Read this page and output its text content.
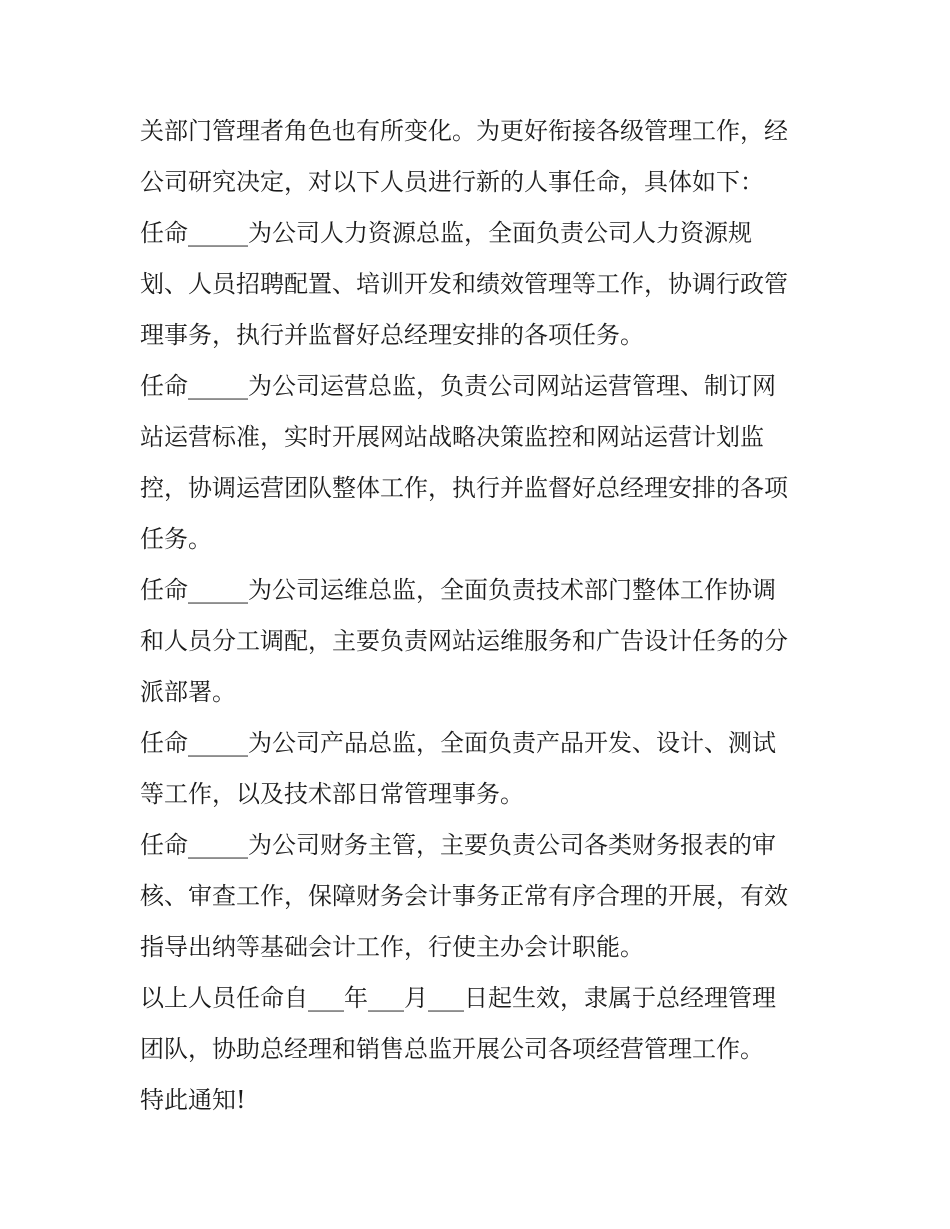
关部门管理者角色也有所变化。为更好衔接各级管理工作，经

公司研究决定，对以下人员进行新的人事任命，具体如下：

任命_____为公司人力资源总监，全面负责公司人力资源规

划、人员招聘配置、培训开发和绩效管理等工作，协调行政管

理事务，执行并监督好总经理安排的各项任务。

任命_____为公司运营总监，负责公司网站运营管理、制订网

站运营标准，实时开展网站战略决策监控和网站运营计划监

控，协调运营团队整体工作，执行并监督好总经理安排的各项

任务。

任命_____为公司运维总监，全面负责技术部门整体工作协调

和人员分工调配，主要负责网站运维服务和广告设计任务的分

派部署。

任命_____为公司产品总监，全面负责产品开发、设计、测试

等工作，以及技术部日常管理事务。

任命_____为公司财务主管，主要负责公司各类财务报表的审

核、审查工作，保障财务会计事务正常有序合理的开展，有效

指导出纳等基础会计工作，行使主办会计职能。

以上人员任命自___年___月___日起生效，隶属于总经理管理

团队，协助总经理和销售总监开展公司各项经营管理工作。

特此通知!
